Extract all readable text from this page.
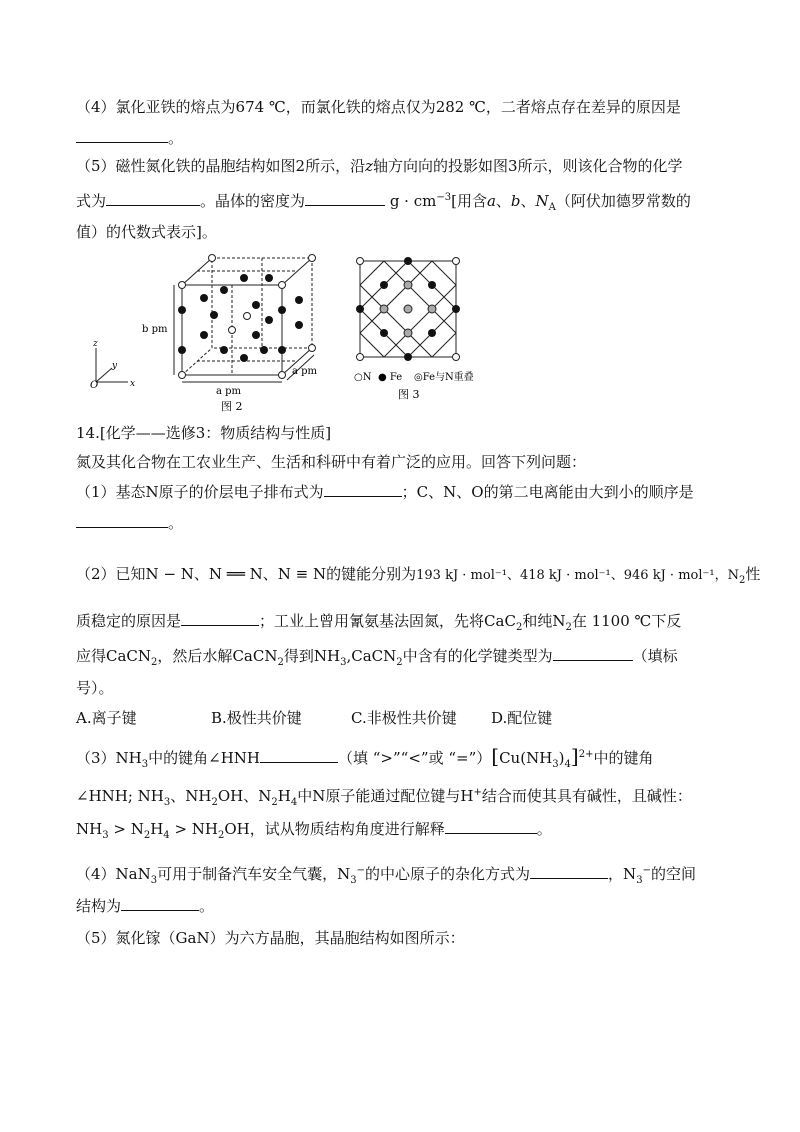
（4）氯化亚铁的熔点为674 ℃，而氯化铁的熔点仅为282 ℃，二者熔点存在差异的原因是
。
（5）磁性氮化铁的晶胞结构如图2所示，沿z轴方向向的投影如图3所示，则该化合物的化学
式为	。晶体的密度为	$g \cdot cm^{-3}$[用含a、b、$N_A$（阿伏加德罗常数的
值）的代数式表示]。
b pm
a pm
a pm
O	x
y
z
图 2
○N ● Fe ◎Fe与N重叠
图 3
14.[化学——选修3：物质结构与性质]
氮及其化合物在工农业生产、生活和科研中有着广泛的应用。回答下列问题：
（1）基态N原子的价层电子排布式为	；C、N、O的第二电离能由大到小的顺序是
。
（2）已知N − N、N ══ N、N ≡ N的键能分别为193 kJ · mol⁻¹、418 kJ · mol⁻¹、946 kJ · mol⁻¹，$N_2$性
质稳定的原因是	；工业上曾用氰氨基法固氮，先将CaC$_2$和纯$N_2$在 1100 ℃下反
应得CaCN$_2$，然后水解CaCN$_2$得到$NH_3,CaCN_2$中含有的化学键类型为	（填标
号）。
A.离子键	B.极性共价键	C.非极性共价键 D.配位键
$(3)NH_3$中的键角∠HNH	（填 “>”“<”或 “$=”)[Cu(NH_3)_4]^{2+}$中的键角
∠HNH; $NH_3$、$NH_2OH$、$N_2H_4$中N原子能通过配位键与H+结合而使其具有碱性，且碱性：
$NH_3 > N_2H_4 > NH_2OH$，试从物质结构角度进行解释	。
（4）NaN$_3$可用于制备汽车安全气囊，$N_3^-$的中心原子的杂化方式为	，$N_3^-$的空间
结构为	。
（5）氮化镓（GaN）为六方晶胞，其晶胞结构如图所示：
